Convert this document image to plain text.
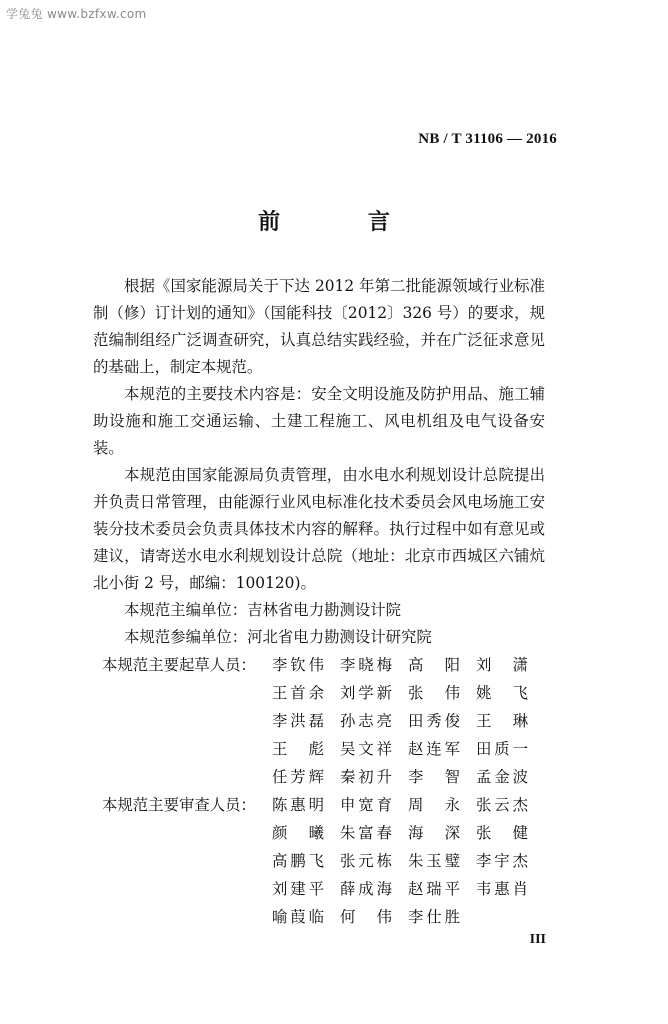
学兔兔 www.bzfxw.com
NB / T 31106 — 2016
前 言

根据《国家能源局关于下达 2012 年第二批能源领域行业标准制（修）订计划的通知》（国能科技〔2012〕326 号）的要求，规范编制组经广泛调查研究，认真总结实践经验，并在广泛征求意见的基础上，制定本规范。

本规范的主要技术内容是：安全文明设施及防护用品、施工辅助设施和施工交通运输、土建工程施工、风电机组及电气设备安装。

本规范由国家能源局负责管理，由水电水利规划设计总院提出并负责日常管理，由能源行业风电标准化技术委员会风电场施工安装分技术委员会负责具体技术内容的解释。执行过程中如有意见或建议，请寄送水电水利规划设计总院（地址：北京市西城区六铺炕北小街 2 号，邮编：100120)。

本规范主编单位：吉林省电力勘测设计院

本规范参编单位：河北省电力勘测设计研究院

本规范主要起草人员：	李钦伟	李晓梅	高阳	刘潇
王首余	刘学新	张伟	姚飞
李洪磊	孙志亮	田秀俊	王琳
王彪	吴文祥	赵连军	田质一
任芳辉	秦初升	李智	孟金波
本规范主要审查人员：	陈惠明	申宽育	周永	张云杰
颜曦	朱富春	海深	张健
高鹏飞	张元栋	朱玉璧	李宇杰
刘建平	薛成海	赵瑞平	韦惠肖
喻葭临	何伟	李仕胜
III
